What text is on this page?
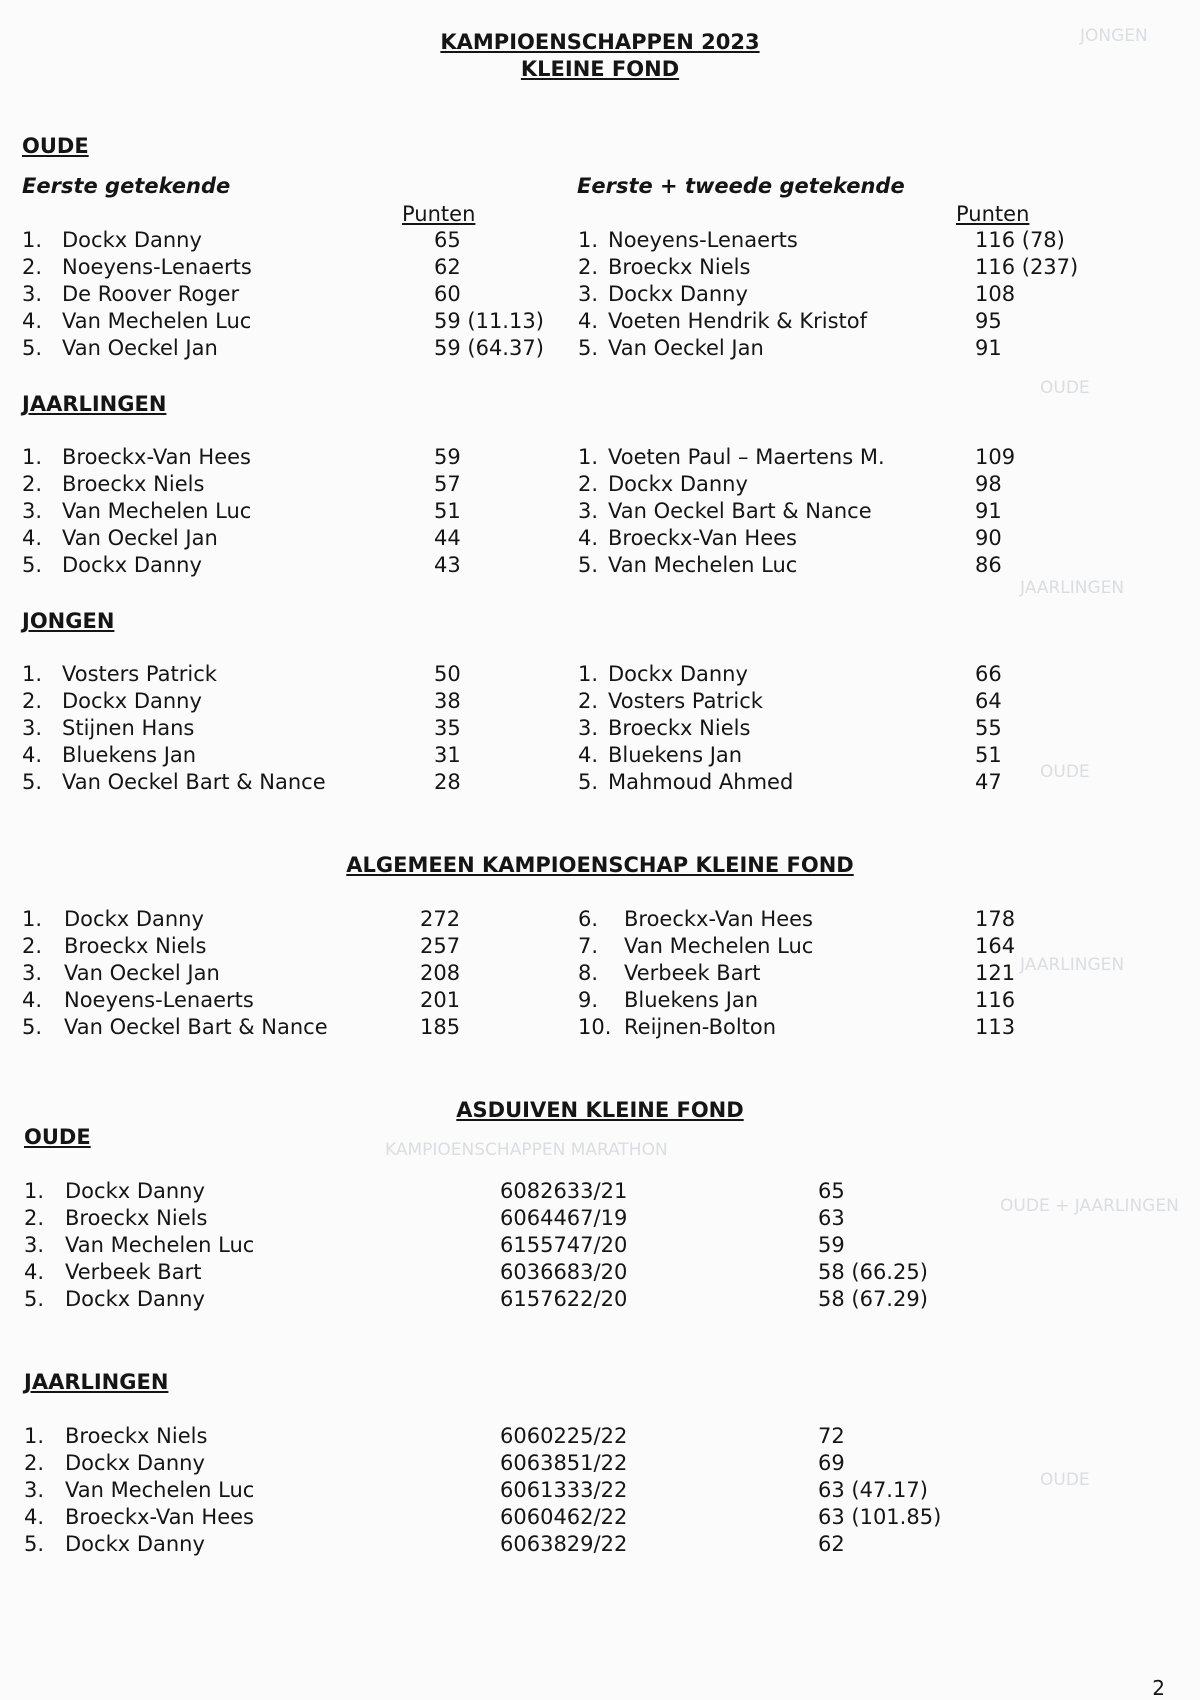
JONGEN
OUDE
JAARLINGEN
OUDE
JAARLINGEN
KAMPIOENSCHAPPEN MARATHON
OUDE + JAARLINGEN
OUDE
KAMPIOENSCHAPPEN 2023
KLEINE FOND
OUDE
Eerste getekende	Eerste + tweede getekende
Punten	Punten
1. Dockx Danny	65
2. Noeyens-Lenaerts	62
3. De Roover Roger	60
4. Van Mechelen Luc	59 (11.13)
5. Van Oeckel Jan	59 (64.37)
1. Noeyens-Lenaerts	116 (78)
2. Broeckx Niels	116 (237)
3. Dockx Danny	108
4. Voeten Hendrik & Kristof	95
5. Van Oeckel Jan	91
JAARLINGEN
1. Broeckx-Van Hees	59
2. Broeckx Niels	57
3. Van Mechelen Luc	51
4. Van Oeckel Jan	44
5. Dockx Danny	43
1. Voeten Paul – Maertens M.	109
2. Dockx Danny	98
3. Van Oeckel Bart & Nance	91
4. Broeckx-Van Hees	90
5. Van Mechelen Luc	86
JONGEN
1. Vosters Patrick	50
2. Dockx Danny	38
3. Stijnen Hans	35
4. Bluekens Jan	31
5. Van Oeckel Bart & Nance	28
1. Dockx Danny	66
2. Vosters Patrick	64
3. Broeckx Niels	55
4. Bluekens Jan	51
5. Mahmoud Ahmed	47
ALGEMEEN KAMPIOENSCHAP KLEINE FOND
1. Dockx Danny	272
2. Broeckx Niels	257
3. Van Oeckel Jan	208
4. Noeyens-Lenaerts	201
5. Van Oeckel Bart & Nance	185
6. Broeckx-Van Hees	178
7. Van Mechelen Luc	164
8. Verbeek Bart	121
9. Bluekens Jan	116
10. Reijnen-Bolton	113
ASDUIVEN KLEINE FOND
OUDE
1. Dockx Danny	6082633/21	65
2. Broeckx Niels	6064467/19	63
3. Van Mechelen Luc	6155747/20	59
4. Verbeek Bart	6036683/20	58 (66.25)
5. Dockx Danny	6157622/20	58 (67.29)
JAARLINGEN
1. Broeckx Niels	6060225/22	72
2. Dockx Danny	6063851/22	69
3. Van Mechelen Luc	6061333/22	63 (47.17)
4. Broeckx-Van Hees	6060462/22	63 (101.85)
5. Dockx Danny	6063829/22	62
2
